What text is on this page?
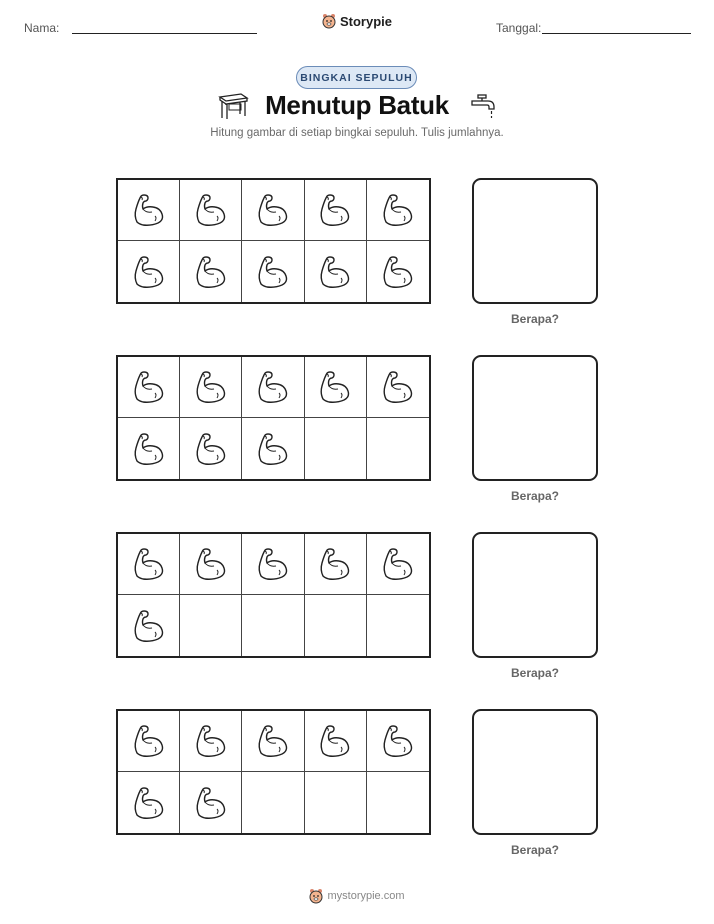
Nama:	Storypie	Tanggal:
BINGKAI SEPULUH
Menutup Batuk
Hitung gambar di setiap bingkai sepuluh. Tulis jumlahnya.
Berapa?
Berapa?
Berapa?
Berapa?
mystorypie.com
